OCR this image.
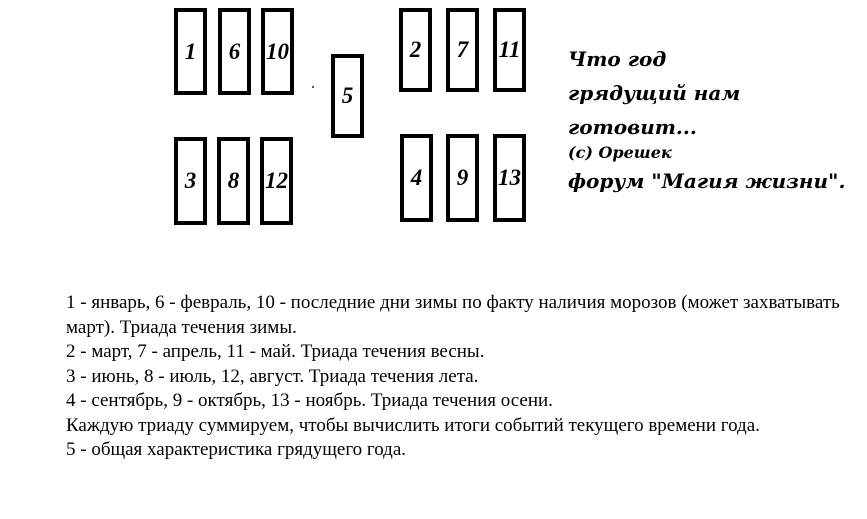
1 6 10	2 7 11
5
3 8 12	4 9 13
Что год
грядущий нам готовит...
(с) Орешек
форум "Магия жизни".
1 - январь, 6 - февраль, 10 - последние дни зимы по факту наличия морозов (может захватывать март). Триада течения зимы.
2 - март, 7 - апрель, 11 - май. Триада течения весны.
3 - июнь, 8 - июль, 12, август. Триада течения лета.
4 - сентябрь, 9 - октябрь, 13 - ноябрь. Триада течения осени.
Каждую триаду суммируем, чтобы вычислить итоги событий текущего времени года.
5 - общая характеристика грядущего года.
